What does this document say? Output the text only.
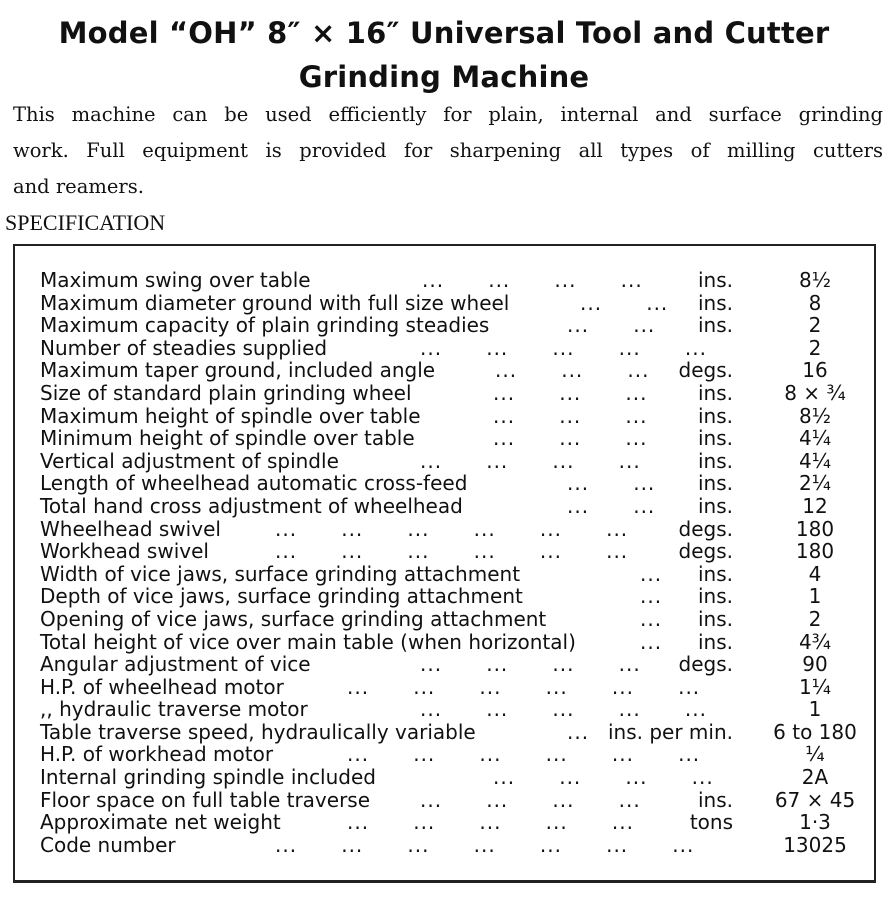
Model “OH” 8″ × 16″ Universal Tool and Cutter
Grinding Machine
This machine can be used efficiently for plain, internal and surface grinding
work. Full equipment is provided for sharpening all types of milling cutters
and reamers.
SPECIFICATION
Maximum swing over table	...      ...      ...      ...	ins.	8½
Maximum diameter ground with full size wheel	...      ... ins.	8
Maximum capacity of plain grinding steadies	...      ... ins.	2
Number of steadies supplied	...      ...      ...      ...      ...	2
Maximum taper ground, included angle	...      ...      ... degs.	16
Size of standard plain grinding wheel	...      ...      ...	ins.	8 × ¾
Maximum height of spindle over table	...      ...      ...	ins.	8½
Minimum height of spindle over table	...      ...      ...	ins.	4¼
Vertical adjustment of spindle	...      ...      ...      ...	ins.	4¼
Length of wheelhead automatic cross-feed	...      ... ins.	2¼
Total hand cross adjustment of wheelhead	...      ... ins.	12
Wheelhead swivel	...      ...      ...      ...      ...      ...	degs.	180
Workhead swivel	...      ...      ...      ...      ...      ...	degs.	180
Width of vice jaws, surface grinding attachment	... ins.	4
Depth of vice jaws, surface grinding attachment	... ins.	1
Opening of vice jaws, surface grinding attachment	... ins.	2
Total height of vice over main table (when horizontal)	... ins.	4¾
Angular adjustment of vice	...      ...      ...      ... degs.	90
H.P. of wheelhead motor	...      ...      ...      ...      ...      ...	1¼
,, hydraulic traverse motor	...      ...      ...      ...      ...	1
Table traverse speed, hydraulically variable	... ins. per min.	6 to 180
H.P. of workhead motor	...      ...      ...      ...      ...      ...	¼
Internal grinding spindle included	...      ...      ...      ...	2A
Floor space on full table traverse ...      ...      ...      ...	ins.	67 × 45
Approximate net weight	...      ...      ...      ...      ...	tons	1·3
Code number	...      ...      ...      ...      ...      ...      ...	13025
